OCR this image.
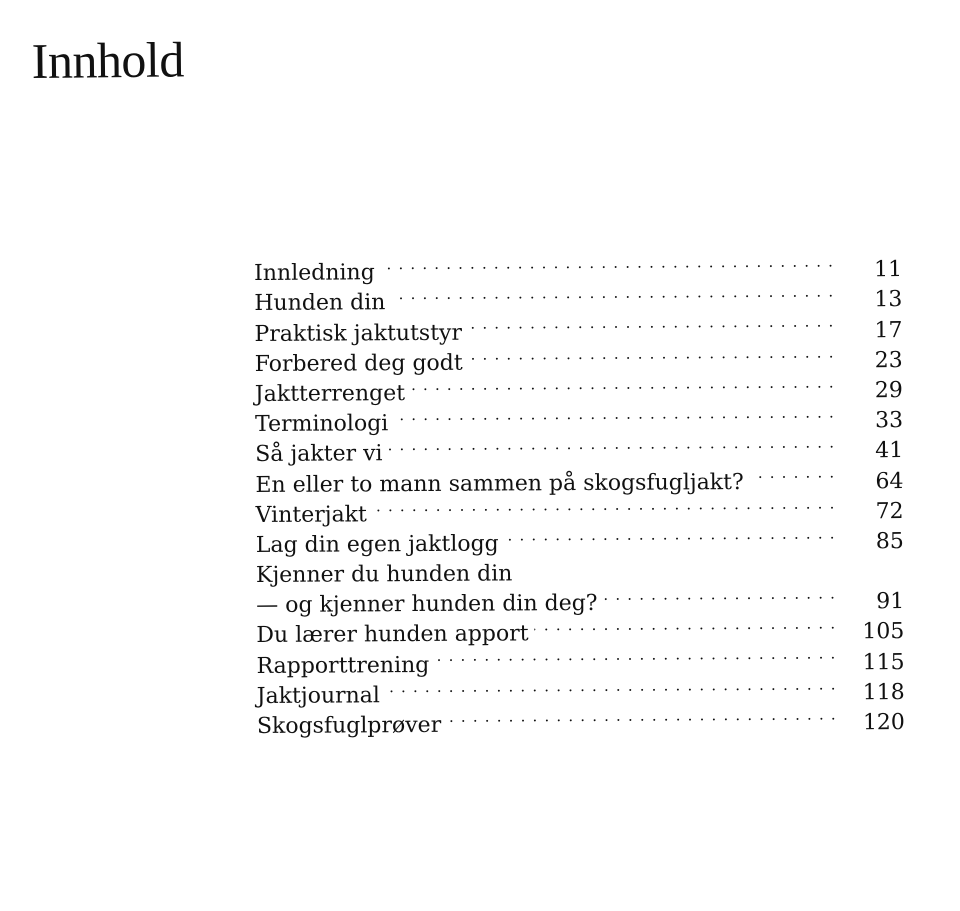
Innhold
Innledning . . .	11
Hunden din . . .	13
Praktisk jaktutstyr . . .	17
Forbered deg godt . . .	23
Jaktterrenget . . .	29
Terminologi . . .	33
Så jakter vi . . .	41
En eller to mann sammen på skogsfugljakt? . . .	64
Vinterjakt . . .	72
Lag din egen jaktlogg . . .	85
Kjenner du hunden din
— og kjenner hunden din deg? . . .	91
Du lærer hunden apport . . .	105
Rapporttrening . . .	115
Jaktjournal . . .	118
Skogsfuglprøver . . .	120
